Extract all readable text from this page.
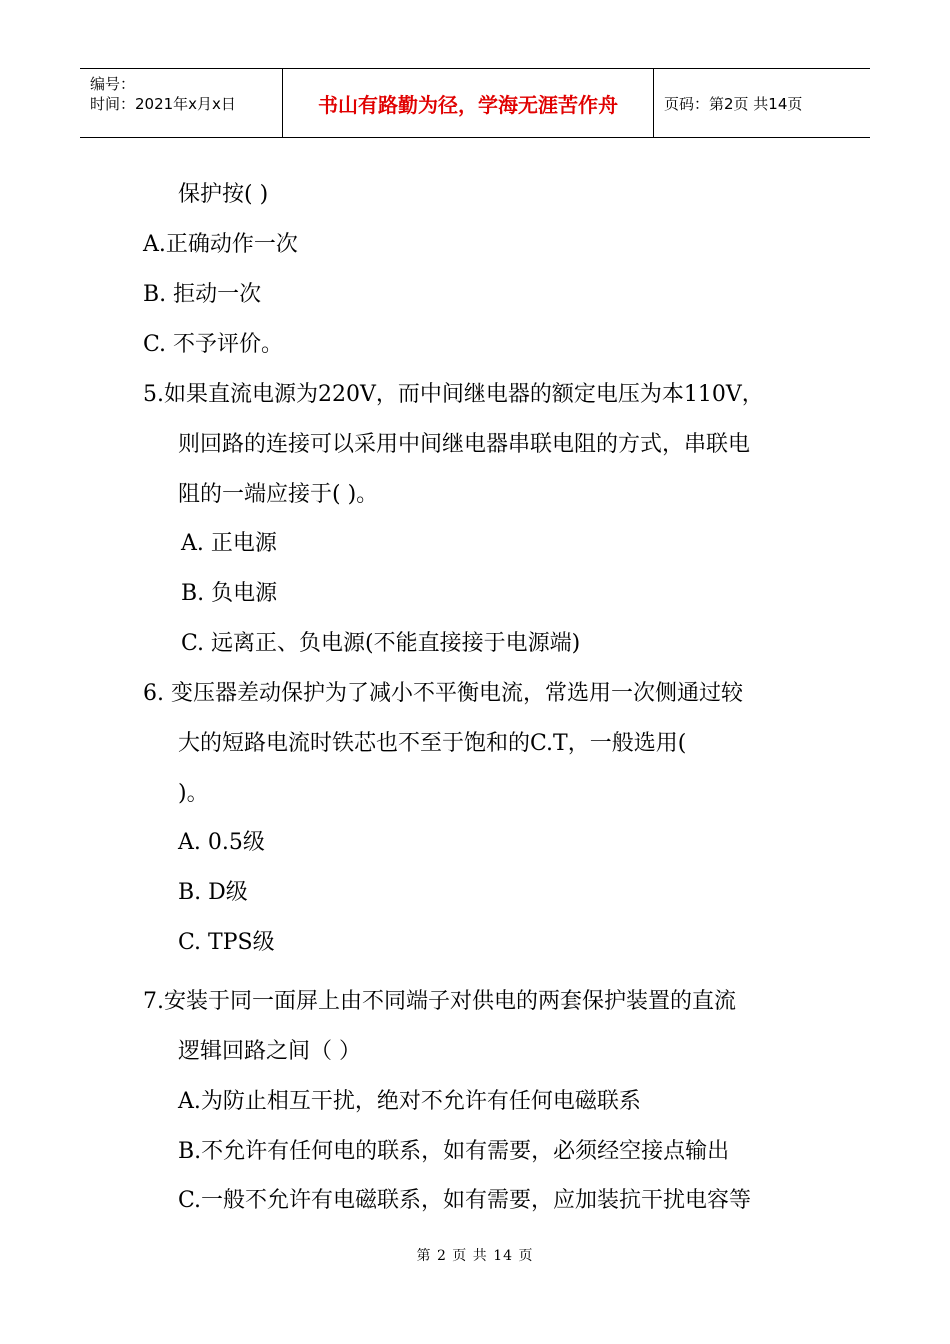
编号：
时间：2021年x月x日	书山有路勤为径，学海无涯苦作舟	页码：第2页 共14页
保护按( )
A.正确动作一次
B. 拒动一次
C. 不予评价。
5.如果直流电源为220V，而中间继电器的额定电压为本110V，
则回路的连接可以采用中间继电器串联电阻的方式，串联电
阻的一端应接于( )。
A. 正电源
B. 负电源
C. 远离正、负电源(不能直接接于电源端)
6. 变压器差动保护为了减小不平衡电流，常选用一次侧通过较
大的短路电流时铁芯也不至于饱和的C.T，一般选用(
)。
A. 0.5级
B. D级
C. TPS级
7.安装于同一面屏上由不同端子对供电的两套保护装置的直流
逻辑回路之间（ ）
A.为防止相互干扰，绝对不允许有任何电磁联系
B.不允许有任何电的联系，如有需要，必须经空接点输出
C.一般不允许有电磁联系，如有需要，应加装抗干扰电容等
第 2 页 共 14 页
